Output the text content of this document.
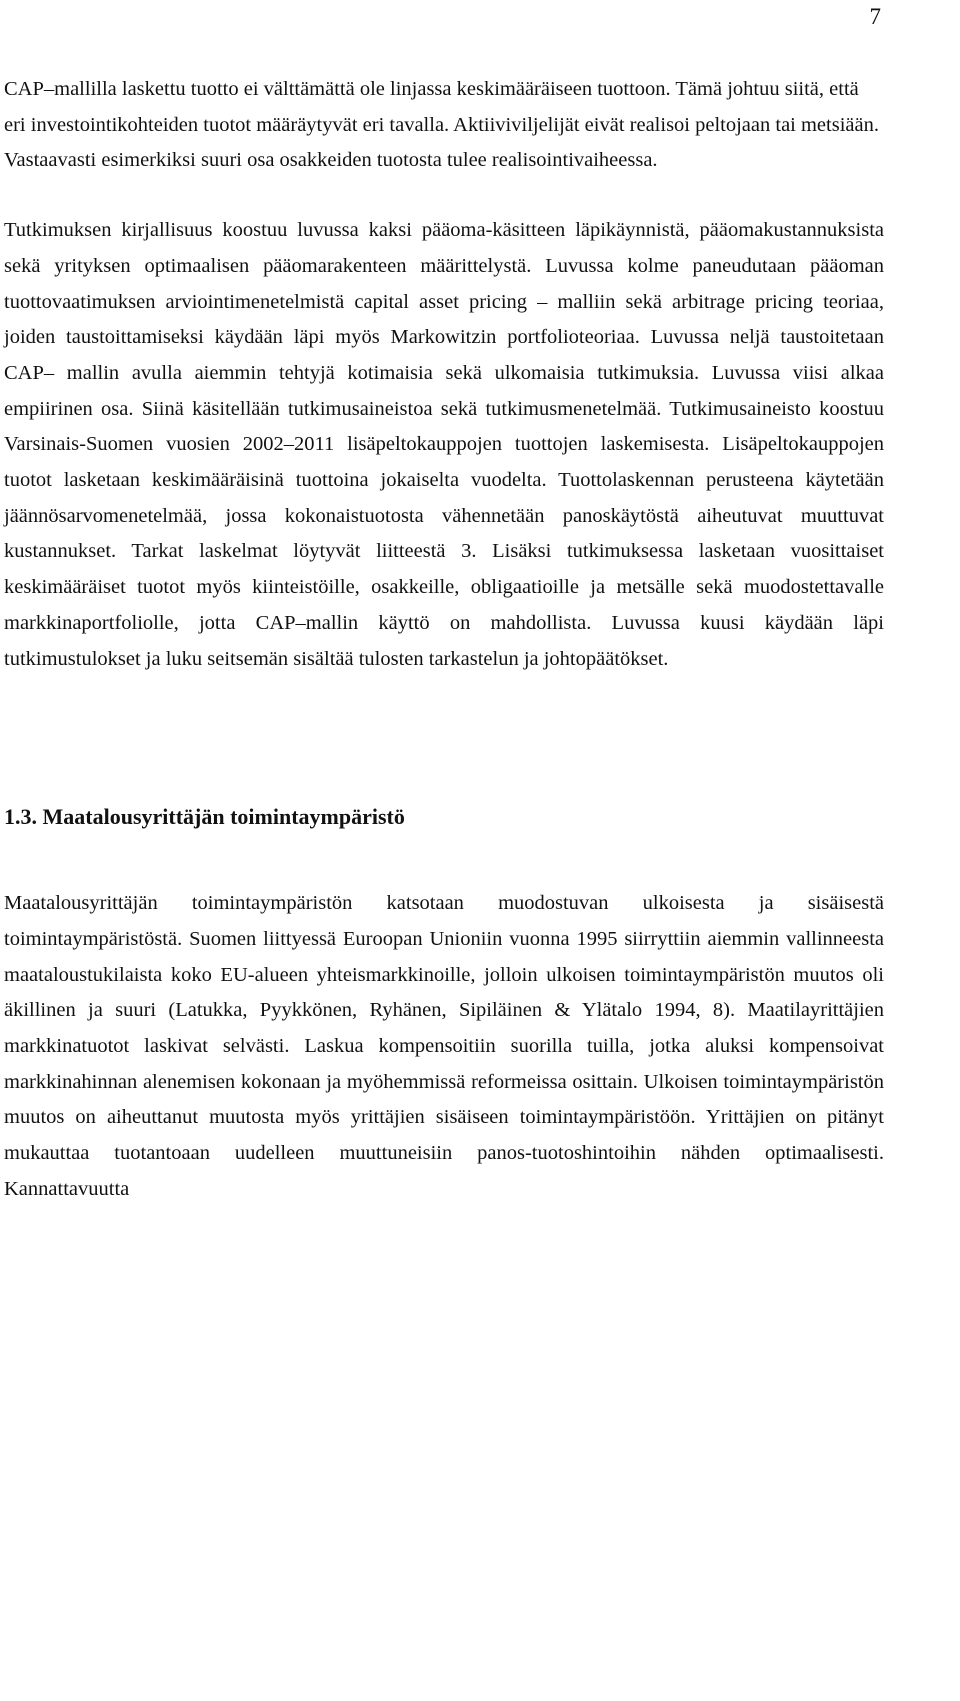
7

CAP–mallilla laskettu tuotto ei välttämättä ole linjassa keskimääräiseen tuottoon. Tämä johtuu siitä, että eri investointikohteiden tuotot määräytyvät eri tavalla. Aktiiviviljelijät eivät realisoi peltojaan tai metsiään. Vastaavasti esimerkiksi suuri osa osakkeiden tuotosta tulee realisointivaiheessa.

Tutkimuksen kirjallisuus koostuu luvussa kaksi pääoma-käsitteen läpikäynnistä, pääomakustannuksista sekä yrityksen optimaalisen pääomarakenteen määrittelystä. Luvussa kolme paneudutaan pääoman tuottovaatimuksen arviointimenetelmistä capital asset pricing – malliin sekä arbitrage pricing teoriaa, joiden taustoittamiseksi käydään läpi myös Markowitzin portfolioteoriaa. Luvussa neljä taustoitetaan CAP– mallin avulla aiemmin tehtyjä kotimaisia sekä ulkomaisia tutkimuksia. Luvussa viisi alkaa empiirinen osa. Siinä käsitellään tutkimusaineistoa sekä tutkimusmenetelmää. Tutkimusaineisto koostuu Varsinais-Suomen vuosien 2002–2011 lisäpeltokauppojen tuottojen laskemisesta. Lisäpeltokauppojen tuotot lasketaan keskimääräisinä tuottoina jokaiselta vuodelta. Tuottolaskennan perusteena käytetään jäännösarvomenetelmää, jossa kokonaistuotosta vähennetään panoskäytöstä aiheutuvat muuttuvat kustannukset. Tarkat laskelmat löytyvät liitteestä 3. Lisäksi tutkimuksessa lasketaan vuosittaiset keskimääräiset tuotot myös kiinteistöille, osakkeille, obligaatioille ja metsälle sekä muodostettavalle markkinaportfoliolle, jotta CAP–mallin käyttö on mahdollista. Luvussa kuusi käydään läpi tutkimustulokset ja luku seitsemän sisältää tulosten tarkastelun ja johtopäätökset.

1.3. Maatalousyrittäjän toimintaympäristö

Maatalousyrittäjän toimintaympäristön katsotaan muodostuvan ulkoisesta ja sisäisestä toimintaympäristöstä. Suomen liittyessä Euroopan Unioniin vuonna 1995 siirryttiin aiemmin vallinneesta maataloustukilaista koko EU-alueen yhteismarkkinoille, jolloin ulkoisen toimintaympäristön muutos oli äkillinen ja suuri (Latukka, Pyykkönen, Ryhänen, Sipiläinen & Ylätalo 1994, 8). Maatilayrittäjien markkinatuotot laskivat selvästi. Laskua kompensoitiin suorilla tuilla, jotka aluksi kompensoivat markkinahinnan alenemisen kokonaan ja myöhemmissä reformeissa osittain. Ulkoisen toimintaympäristön muutos on aiheuttanut muutosta myös yrittäjien sisäiseen toimintaympäristöön. Yrittäjien on pitänyt mukauttaa tuotantoaan uudelleen muuttuneisiin panos-tuotoshintoihin nähden optimaalisesti. Kannattavuutta
